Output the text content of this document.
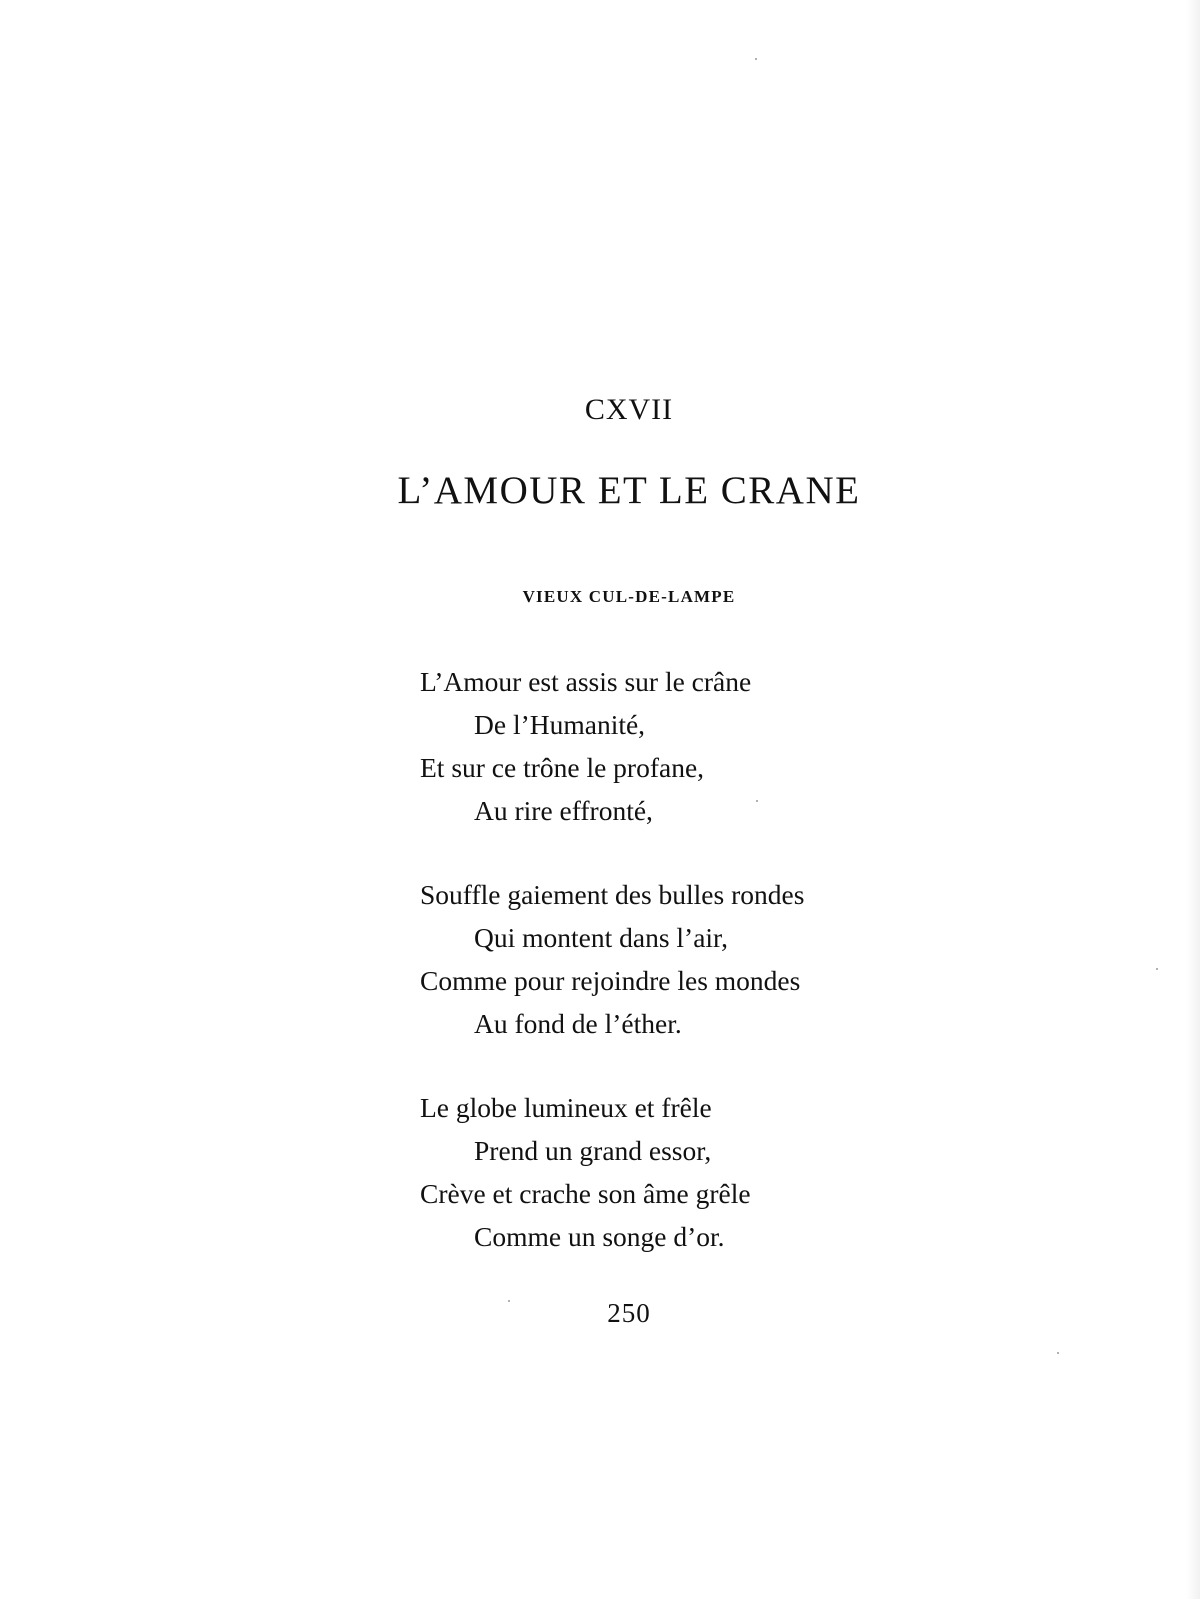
CXVII
L’AMOUR ET LE CRANE
VIEUX CUL-DE-LAMPE
L’Amour est assis sur le crâne
De l’Humanité,
Et sur ce trône le profane,
Au rire effronté,
Souffle gaiement des bulles rondes
Qui montent dans l’air,
Comme pour rejoindre les mondes
Au fond de l’éther.
Le globe lumineux et frêle
Prend un grand essor,
Crève et crache son âme grêle
Comme un songe d’or.
250
